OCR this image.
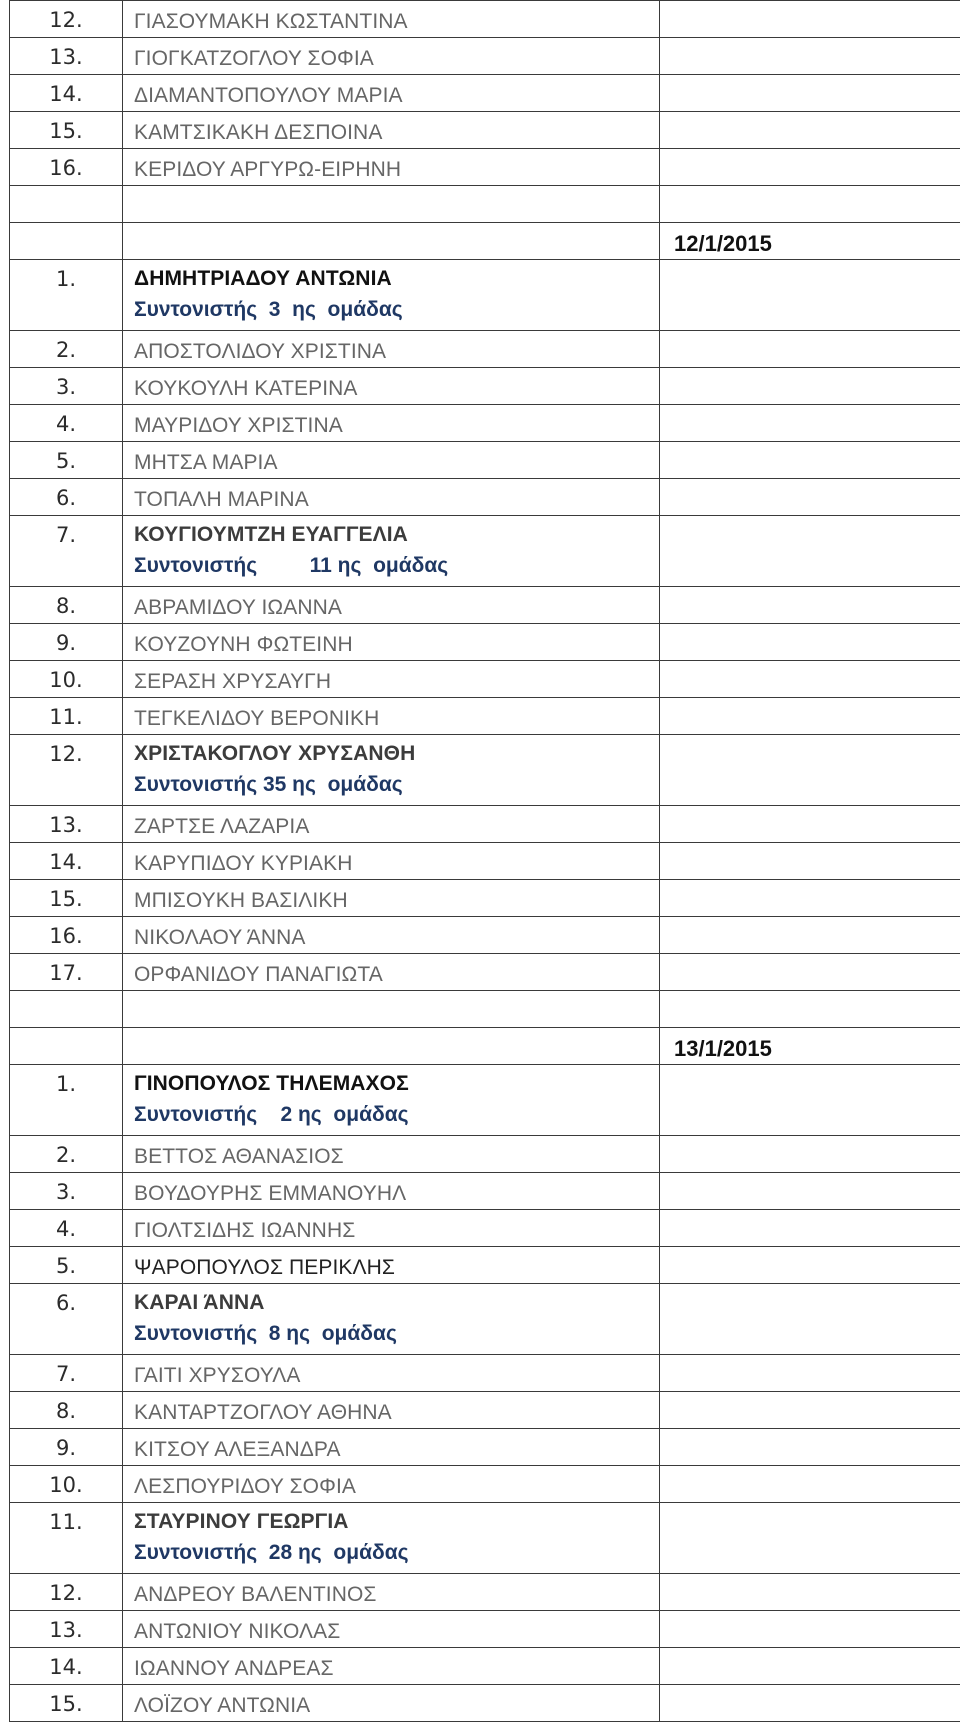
12.	ΓΙΑΣΟΥΜΑΚΗ ΚΩΣΤΑΝΤΙΝΑ	

13.	ΓΙΟΓΚΑΤΖΟΓΛΟΥ ΣΟΦΙΑ	

14.	ΔΙΑΜΑΝΤΟΠΟΥΛΟΥ ΜΑΡΙΑ	

15.	ΚΑΜΤΣΙΚΑΚΗ ΔΕΣΠΟΙΝΑ	

16.	ΚΕΡΙΔΟΥ ΑΡΓΥΡΩ-ΕΙΡΗΝΗ	

		12/1/2015

1.	ΔΗΜΗΤΡΙΑΔΟΥ ΑΝΤΩΝΙΑ
Συντονιστής  3  ης  ομάδας	

2.	ΑΠΟΣΤΟΛΙΔΟΥ ΧΡΙΣΤΙΝΑ	

3.	ΚΟΥΚΟΥΛΗ ΚΑΤΕΡΙΝΑ	

4.	ΜΑΥΡΙΔΟΥ ΧΡΙΣΤΙΝΑ	

5.	ΜΗΤΣΑ ΜΑΡΙΑ	

6.	ΤΟΠΑΛΗ ΜΑΡΙΝΑ	

7.	ΚΟΥΓΙΟΥΜΤΖΗ ΕΥΑΓΓΕΛΙΑ
Συντονιστής         11 ης  ομάδας	

8.	ΑΒΡΑΜΙΔΟΥ ΙΩΑΝΝΑ	

9.	ΚΟΥΖΟΥΝΗ ΦΩΤΕΙΝΗ	

10.	ΣΕΡΑΣΗ ΧΡΥΣΑΥΓΗ	

11.	ΤΕΓΚΕΛΙΔΟΥ ΒΕΡΟΝΙΚΗ	

12.	ΧΡΙΣΤΑΚΟΓΛΟΥ ΧΡΥΣΑΝΘΗ
Συντονιστής 35 ης  ομάδας	

13.	ΖΑΡΤΣΕ ΛΑΖΑΡΙΑ	

14.	ΚΑΡΥΠΙΔΟΥ ΚΥΡΙΑΚΗ	

15.	ΜΠΙΣΟΥΚΗ ΒΑΣΙΛΙΚΗ	

16.	ΝΙΚΟΛΑΟΥ ΆΝΝΑ	

17.	ΟΡΦΑΝΙΔΟΥ ΠΑΝΑΓΙΩΤΑ	

		13/1/2015

1.	ΓΙΝΟΠΟΥΛΟΣ ΤΗΛΕΜΑΧΟΣ
Συντονιστής    2 ης  ομάδας	

2.	ΒΕΤΤΟΣ ΑΘΑΝΑΣΙΟΣ	

3.	ΒΟΥΔΟΥΡΗΣ ΕΜΜΑΝΟΥΗΛ	

4.	ΓΙΟΛΤΣΙΔΗΣ ΙΩΑΝΝΗΣ	

5.	ΨΑΡΟΠΟΥΛΟΣ ΠΕΡΙΚΛΗΣ	

6.	ΚΑΡΑΙ ΆΝΝΑ
Συντονιστής  8 ης  ομάδας	

7.	ΓΑΙΤΙ ΧΡΥΣΟΥΛΑ	

8.	ΚΑΝΤΑΡΤΖΟΓΛΟΥ ΑΘΗΝΑ	

9.	ΚΙΤΣΟΥ ΑΛΕΞΑΝΔΡΑ	

10.	ΛΕΣΠΟΥΡΙΔΟΥ ΣΟΦΙΑ	

11.	ΣΤΑΥΡΙΝΟΥ ΓΕΩΡΓΙΑ
Συντονιστής  28 ης  ομάδας	

12.	ΑΝΔΡΕΟΥ ΒΑΛΕΝΤΙΝΟΣ	

13.	ΑΝΤΩΝΙΟΥ ΝΙΚΟΛΑΣ	

14.	ΙΩΑΝΝΟΥ ΑΝΔΡΕΑΣ	

15.	ΛΟΪΖΟΥ ΑΝΤΩΝΙΑ	
